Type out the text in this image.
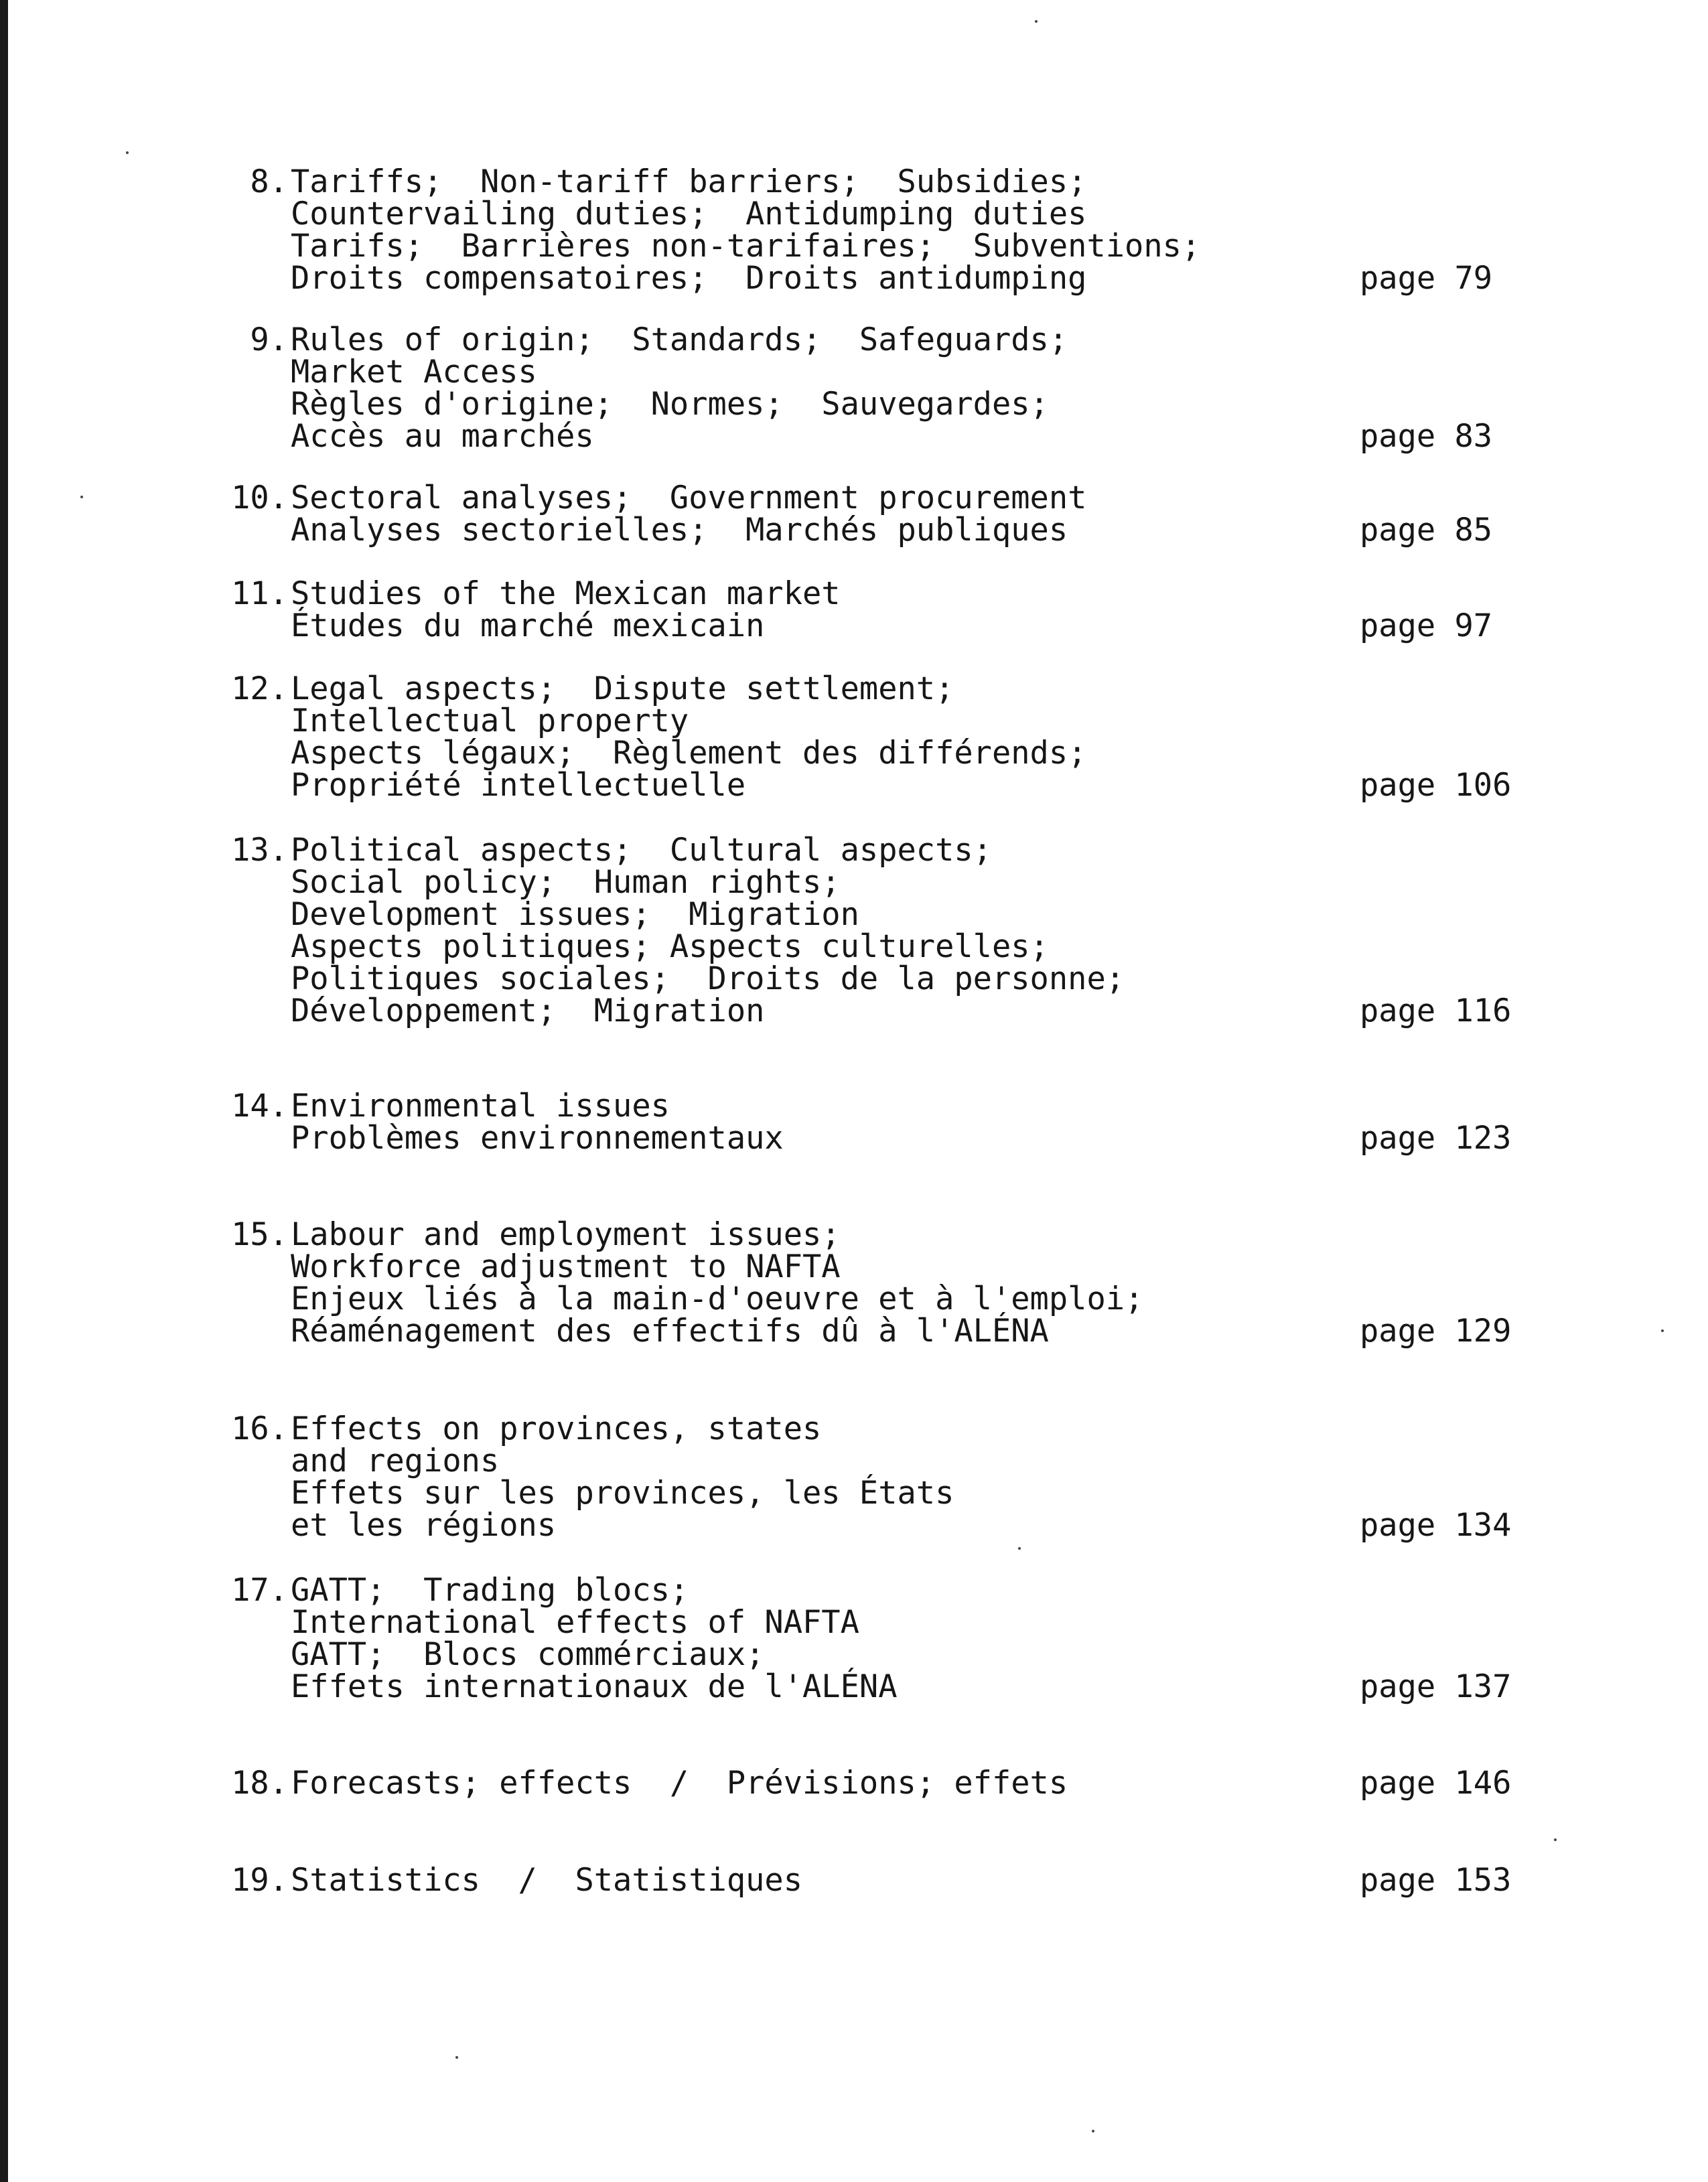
8. Tariffs;  Non-tariff barriers;  Subsidies;
Countervailing duties;  Antidumping duties
Tarifs;  Barrières non-tarifaires;  Subventions;
Droits compensatoires;  Droits antidumping	page 79
9. Rules of origin;  Standards;  Safeguards;
Market Access
Règles d'origine;  Normes;  Sauvegardes;
Accès au marchés	page 83
10. Sectoral analyses;  Government procurement
Analyses sectorielles;  Marchés publiques	page 85
11. Studies of the Mexican market
Études du marché mexicain	page 97
12. Legal aspects;  Dispute settlement;
Intellectual property
Aspects légaux;  Règlement des différends;
Propriété intellectuelle	page 106
13. Political aspects;  Cultural aspects;
Social policy;  Human rights;
Development issues;  Migration
Aspects politiques; Aspects culturelles;
Politiques sociales;  Droits de la personne;
Développement;  Migration	page 116
14. Environmental issues
Problèmes environnementaux	page 123
15. Labour and employment issues;
Workforce adjustment to NAFTA
Enjeux liés à la main-d'oeuvre et à l'emploi;
Réaménagement des effectifs dû à l'ALÉNA	page 129
16. Effects on provinces, states
and regions
Effets sur les provinces, les États
et les régions	page 134
17. GATT;  Trading blocs;
International effects of NAFTA
GATT;  Blocs commérciaux;
Effets internationaux de l'ALÉNA	page 137
18. Forecasts; effects  /  Prévisions; effets	page 146
19. Statistics  /  Statistiques	page 153
